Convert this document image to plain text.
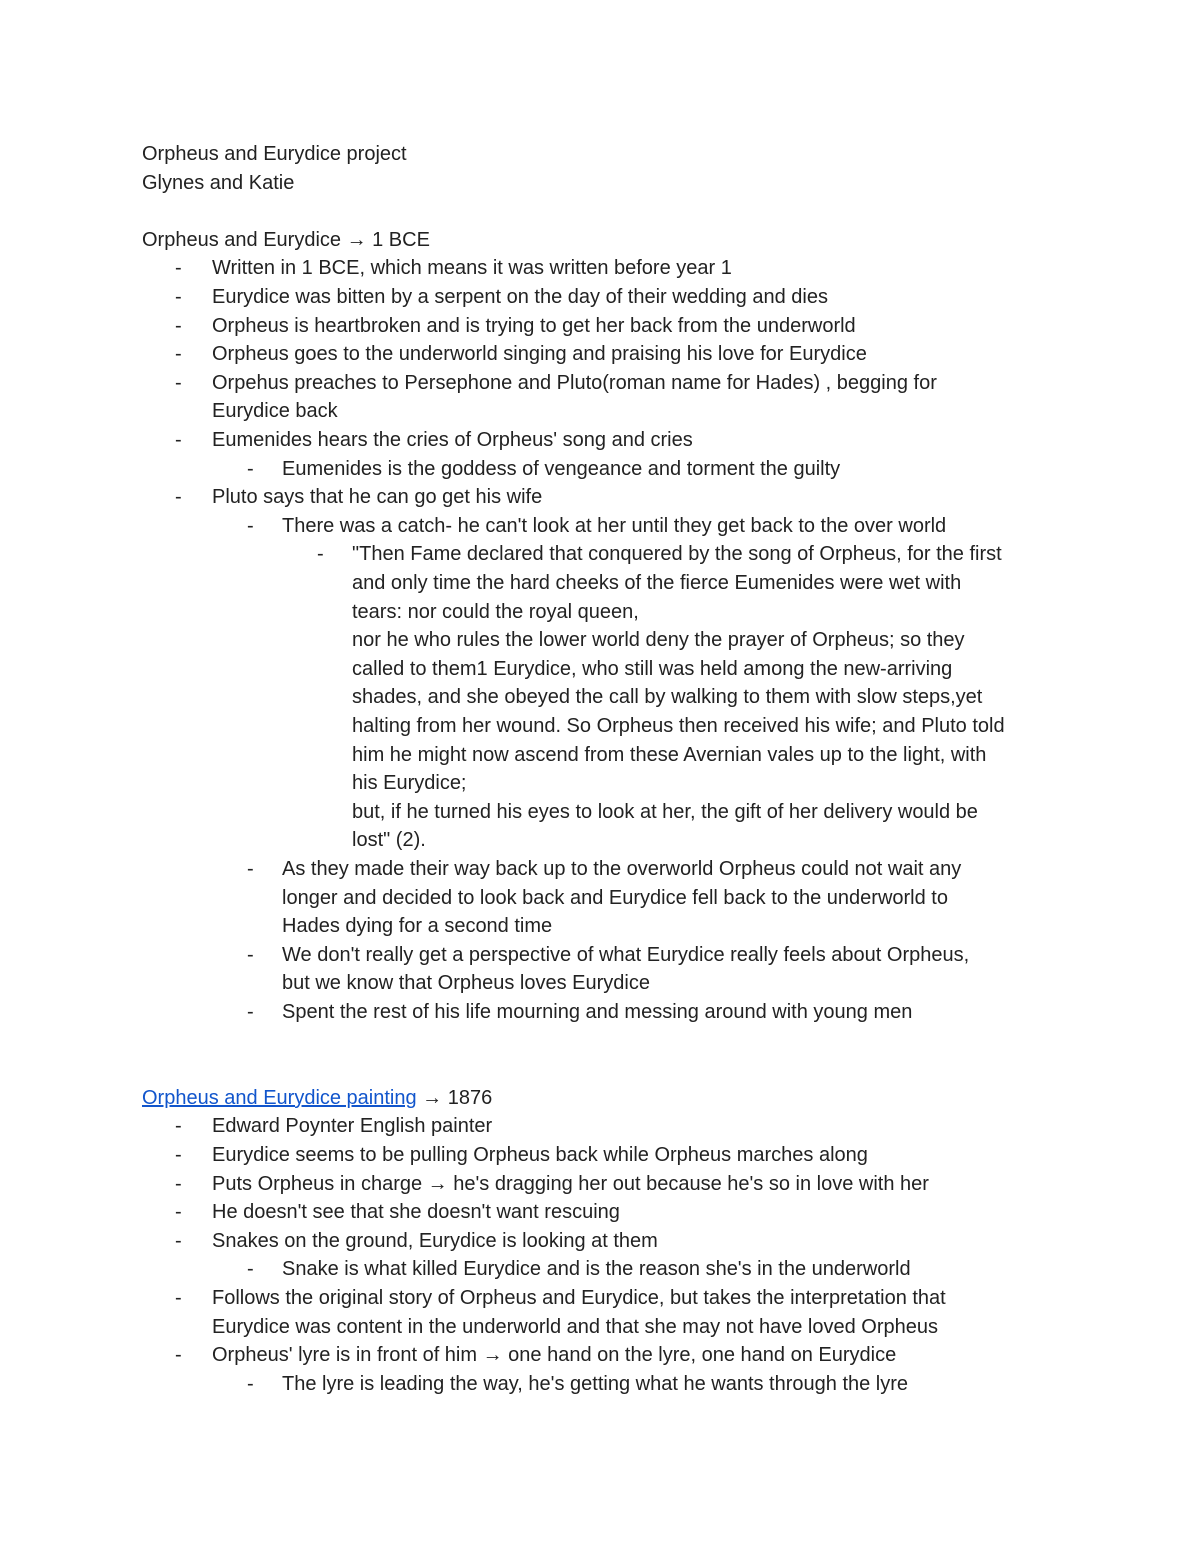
Orpheus and Eurydice project
Glynes and Katie
Orpheus and Eurydice → 1 BCE
- Written in 1 BCE, which means it was written before year 1
- Eurydice was bitten by a serpent on the day of their wedding and dies
- Orpheus is heartbroken and is trying to get her back from the underworld
- Orpheus goes to the underworld singing and praising his love for Eurydice
- Orpehus preaches to Persephone and Pluto(roman name for Hades) , begging for
Eurydice back
- Eumenides hears the cries of Orpheus' song and cries
- Eumenides is the goddess of vengeance and torment the guilty
- Pluto says that he can go get his wife
- There was a catch- he can't look at her until they get back to the over world
- "Then Fame declared that conquered by the song of Orpheus, for the first
and only time the hard cheeks of the fierce Eumenides were wet with
tears: nor could the royal queen,
nor he who rules the lower world deny the prayer of Orpheus; so they
called to them1 Eurydice, who still was held among the new-arriving
shades, and she obeyed the call by walking to them with slow steps,yet
halting from her wound. So Orpheus then received his wife; and Pluto told
him he might now ascend from these Avernian vales up to the light, with
his Eurydice;
but, if he turned his eyes to look at her, the gift of her delivery would be
lost" (2).
- As they made their way back up to the overworld Orpheus could not wait any
longer and decided to look back and Eurydice fell back to the underworld to
Hades dying for a second time
- We don't really get a perspective of what Eurydice really feels about Orpheus,
but we know that Orpheus loves Eurydice
- Spent the rest of his life mourning and messing around with young men
Orpheus and Eurydice painting → 1876
- Edward Poynter English painter
- Eurydice seems to be pulling Orpheus back while Orpheus marches along
- Puts Orpheus in charge → he's dragging her out because he's so in love with her
- He doesn't see that she doesn't want rescuing
- Snakes on the ground, Eurydice is looking at them
- Snake is what killed Eurydice and is the reason she's in the underworld
- Follows the original story of Orpheus and Eurydice, but takes the interpretation that
Eurydice was content in the underworld and that she may not have loved Orpheus
- Orpheus' lyre is in front of him → one hand on the lyre, one hand on Eurydice
- The lyre is leading the way, he's getting what he wants through the lyre
